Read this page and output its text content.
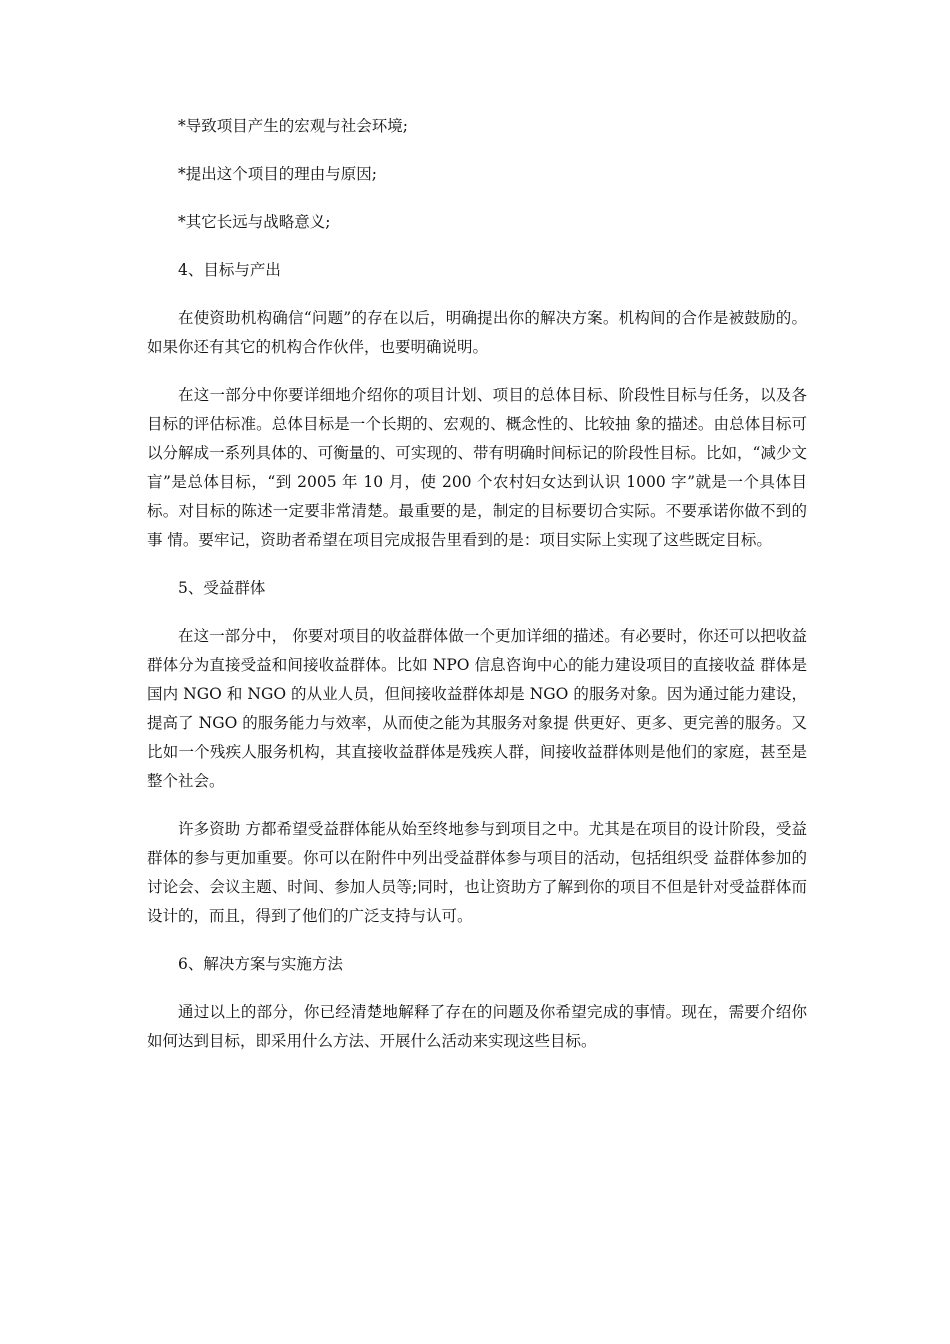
*导致项目产生的宏观与社会环境;
*提出这个项目的理由与原因;
*其它长远与战略意义;
4、目标与产出
在使资助机构确信“问题”的存在以后，明确提出你的解决方案。机构间的合作是被鼓励的。如果你还有其它的机构合作伙伴，也要明确说明。
在这一部分中你要详细地介绍你的项目计划、项目的总体目标、阶段性目标与任务，以及各目标的评估标准。总体目标是一个长期的、宏观的、概念性的、比较抽 象的描述。由总体目标可以分解成一系列具体的、可衡量的、可实现的、带有明确时间标记的阶段性目标。比如，“减少文盲”是总体目标，“到 2005 年 10 月，使 200 个农村妇女达到认识 1000 字”就是一个具体目标。对目标的陈述一定要非常清楚。最重要的是，制定的目标要切合实际。不要承诺你做不到的事 情。要牢记，资助者希望在项目完成报告里看到的是：项目实际上实现了这些既定目标。
5、受益群体
在这一部分中， 你要对项目的收益群体做一个更加详细的描述。有必要时，你还可以把收益群体分为直接受益和间接收益群体。比如 NPO 信息咨询中心的能力建设项目的直接收益 群体是国内 NGO 和 NGO 的从业人员，但间接收益群体却是 NGO 的服务对象。因为通过能力建设，提高了 NGO 的服务能力与效率，从而使之能为其服务对象提 供更好、更多、更完善的服务。又比如一个残疾人服务机构，其直接收益群体是残疾人群，间接收益群体则是他们的家庭，甚至是整个社会。
许多资助 方都希望受益群体能从始至终地参与到项目之中。尤其是在项目的设计阶段，受益群体的参与更加重要。你可以在附件中列出受益群体参与项目的活动，包括组织受 益群体参加的讨论会、会议主题、时间、参加人员等;同时，也让资助方了解到你的项目不但是针对受益群体而设计的，而且，得到了他们的广泛支持与认可。
6、解决方案与实施方法
通过以上的部分，你已经清楚地解释了存在的问题及你希望完成的事情。现在，需要介绍你如何达到目标，即采用什么方法、开展什么活动来实现这些目标。
